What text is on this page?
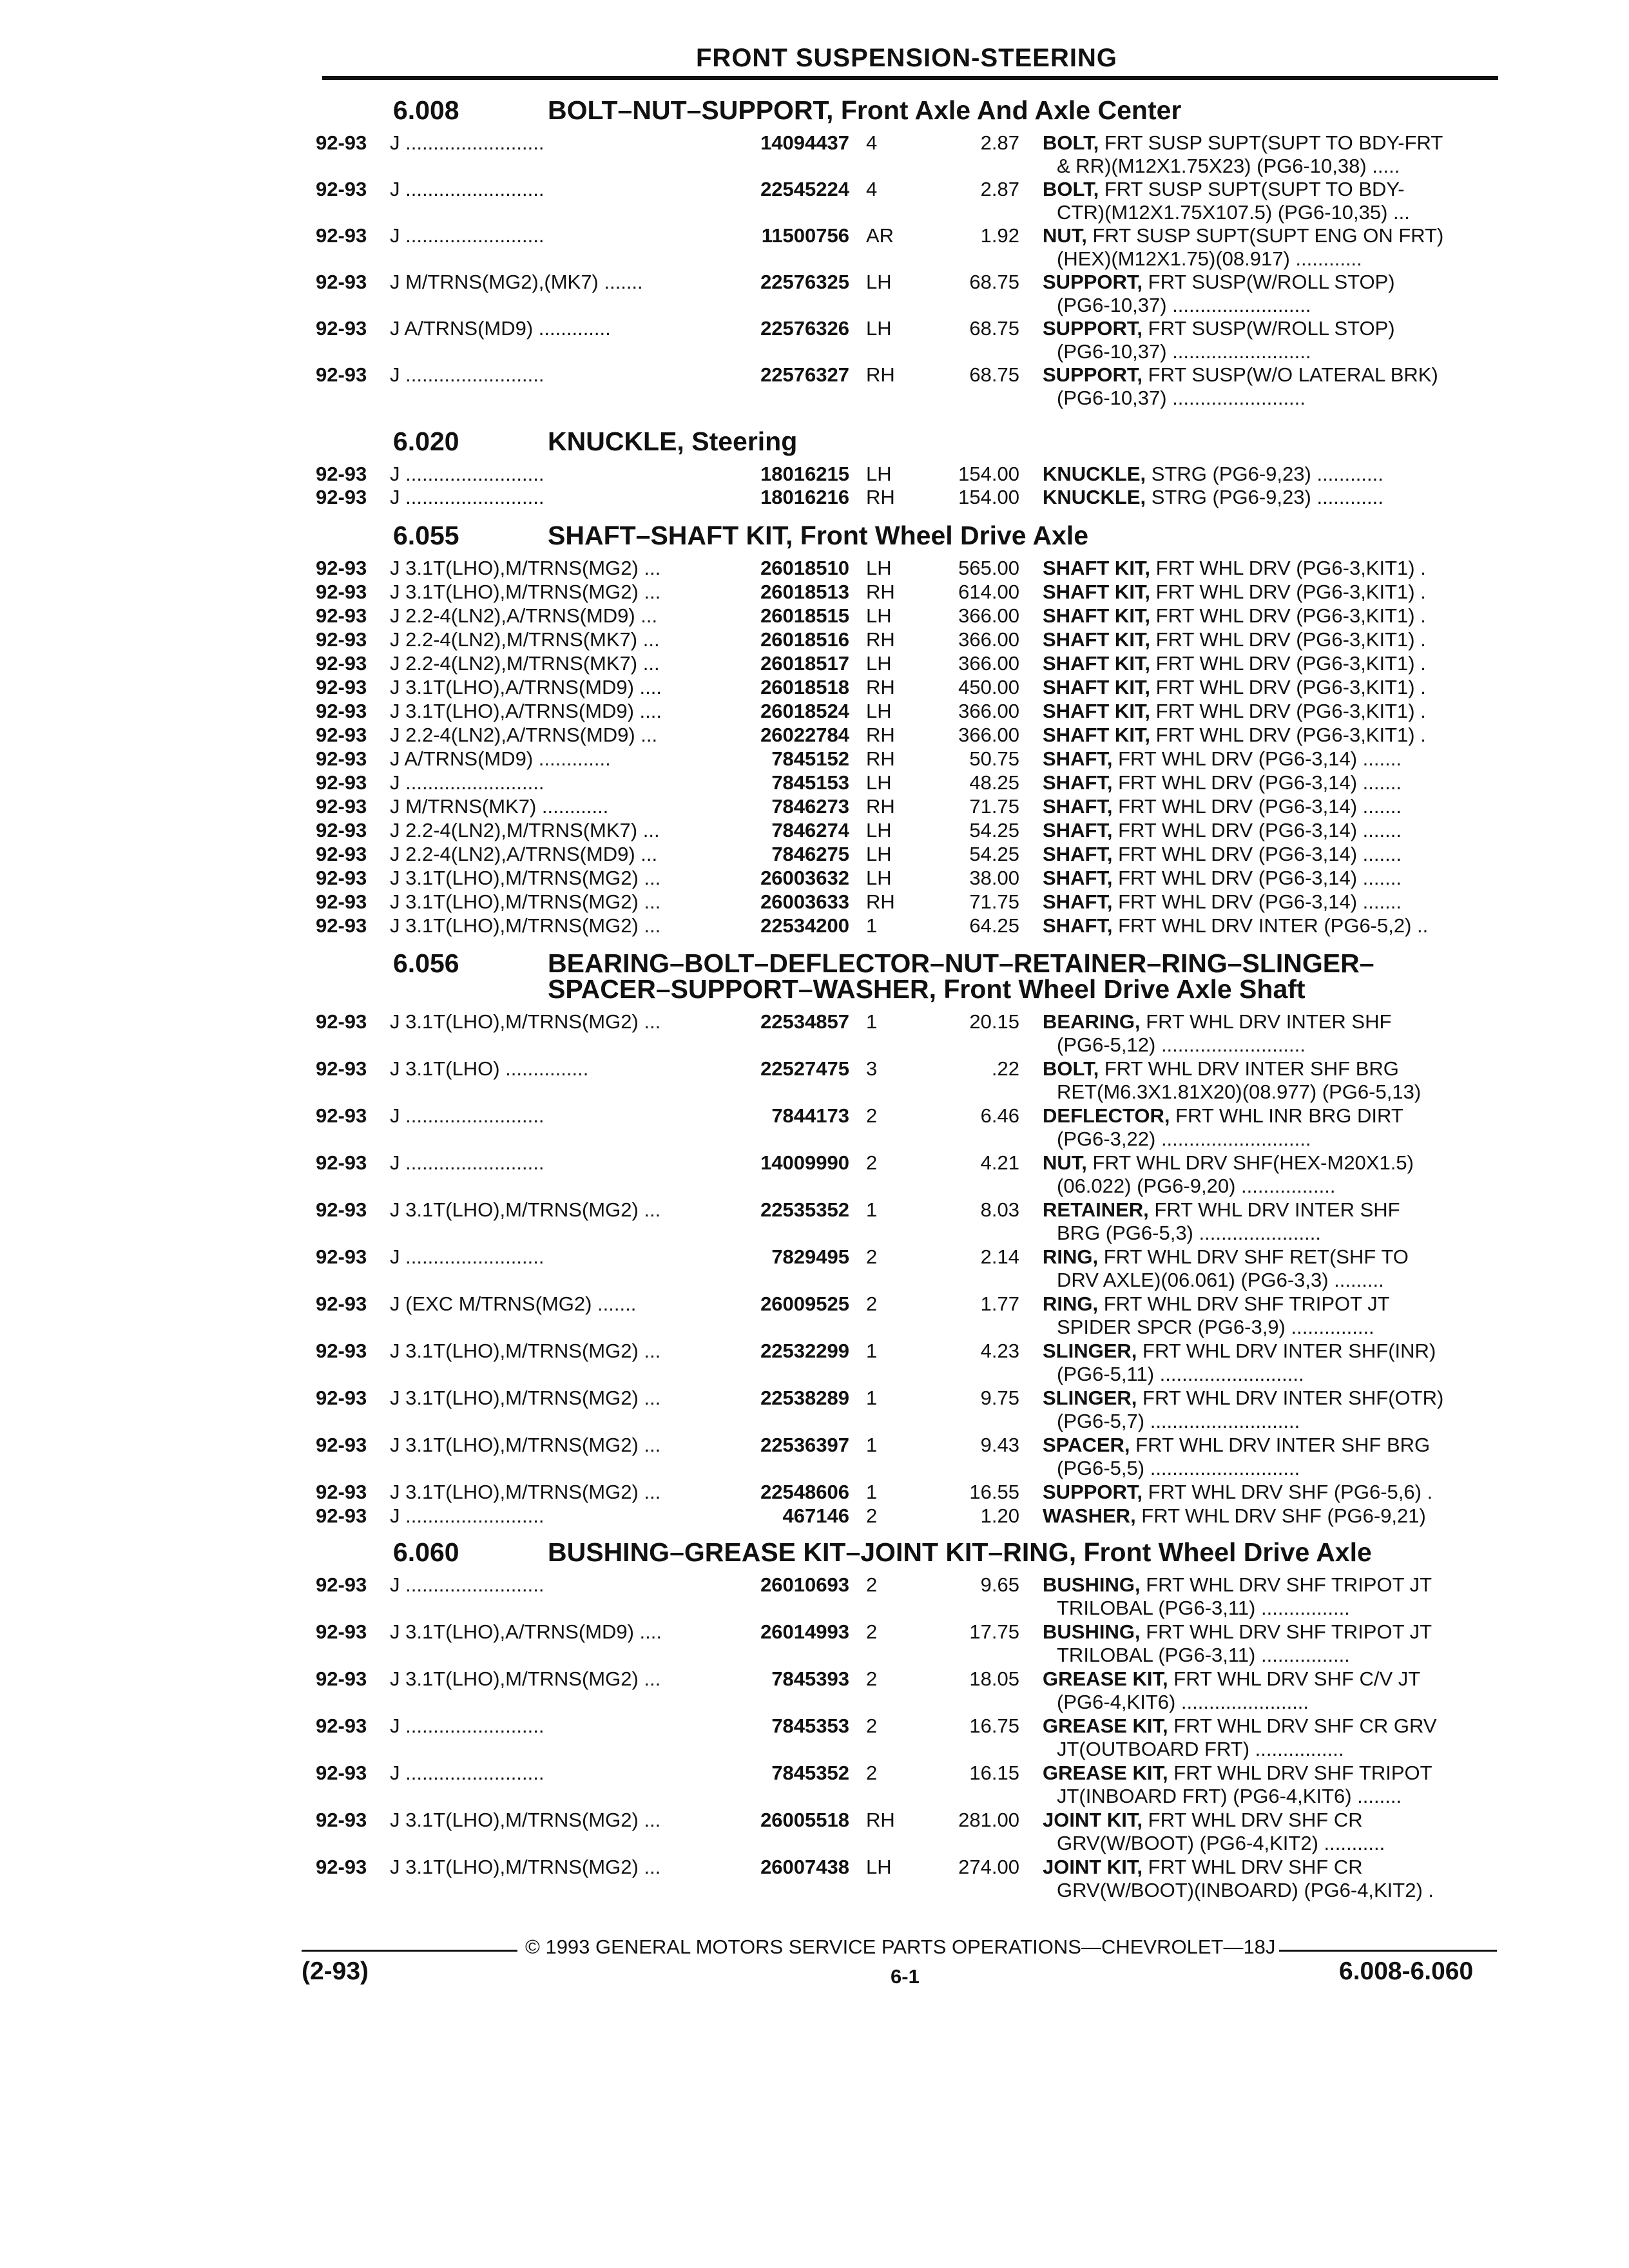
FRONT SUSPENSION-STEERING
6.008	BOLT–NUT–SUPPORT, Front Axle And Axle Center
92-93 J .........................	14094437 4	2.87 BOLT, FRT SUSP SUPT(SUPT TO BDY-FRT
& RR)(M12X1.75X23) (PG6-10,38) .....
92-93 J .........................	22545224 4	2.87 BOLT, FRT SUSP SUPT(SUPT TO BDY-
CTR)(M12X1.75X107.5) (PG6-10,35) ...
92-93 J .........................	11500756 AR	1.92 NUT, FRT SUSP SUPT(SUPT ENG ON FRT)
(HEX)(M12X1.75)(08.917) ............
92-93 J M/TRNS(MG2),(MK7) .......	22576325 LH	68.75 SUPPORT, FRT SUSP(W/ROLL STOP)
(PG6-10,37) .........................
92-93 J A/TRNS(MD9) .............	22576326 LH	68.75 SUPPORT, FRT SUSP(W/ROLL STOP)
(PG6-10,37) .........................
92-93 J .........................	22576327 RH	68.75 SUPPORT, FRT SUSP(W/O LATERAL BRK)
(PG6-10,37) ........................
6.020	KNUCKLE, Steering
92-93 J .........................	18016215 LH	154.00 KNUCKLE, STRG (PG6-9,23) ............
92-93 J .........................	18016216 RH	154.00 KNUCKLE, STRG (PG6-9,23) ............
6.055	SHAFT–SHAFT KIT, Front Wheel Drive Axle
92-93 J 3.1T(LHO),M/TRNS(MG2) ...	26018510 LH	565.00 SHAFT KIT, FRT WHL DRV (PG6-3,KIT1) .
92-93 J 3.1T(LHO),M/TRNS(MG2) ...	26018513 RH	614.00 SHAFT KIT, FRT WHL DRV (PG6-3,KIT1) .
92-93 J 2.2-4(LN2),A/TRNS(MD9) ...	26018515 LH	366.00 SHAFT KIT, FRT WHL DRV (PG6-3,KIT1) .
92-93 J 2.2-4(LN2),M/TRNS(MK7) ...	26018516 RH	366.00 SHAFT KIT, FRT WHL DRV (PG6-3,KIT1) .
92-93 J 2.2-4(LN2),M/TRNS(MK7) ...	26018517 LH	366.00 SHAFT KIT, FRT WHL DRV (PG6-3,KIT1) .
92-93 J 3.1T(LHO),A/TRNS(MD9) ....	26018518 RH	450.00 SHAFT KIT, FRT WHL DRV (PG6-3,KIT1) .
92-93 J 3.1T(LHO),A/TRNS(MD9) ....	26018524 LH	366.00 SHAFT KIT, FRT WHL DRV (PG6-3,KIT1) .
92-93 J 2.2-4(LN2),A/TRNS(MD9) ...	26022784 RH	366.00 SHAFT KIT, FRT WHL DRV (PG6-3,KIT1) .
92-93 J A/TRNS(MD9) .............	7845152 RH	50.75 SHAFT, FRT WHL DRV (PG6-3,14) .......
92-93 J .........................	7845153 LH	48.25 SHAFT, FRT WHL DRV (PG6-3,14) .......
92-93 J M/TRNS(MK7) ............	7846273 RH	71.75 SHAFT, FRT WHL DRV (PG6-3,14) .......
92-93 J 2.2-4(LN2),M/TRNS(MK7) ...	7846274 LH	54.25 SHAFT, FRT WHL DRV (PG6-3,14) .......
92-93 J 2.2-4(LN2),A/TRNS(MD9) ...	7846275 LH	54.25 SHAFT, FRT WHL DRV (PG6-3,14) .......
92-93 J 3.1T(LHO),M/TRNS(MG2) ...	26003632 LH	38.00 SHAFT, FRT WHL DRV (PG6-3,14) .......
92-93 J 3.1T(LHO),M/TRNS(MG2) ...	26003633 RH	71.75 SHAFT, FRT WHL DRV (PG6-3,14) .......
92-93 J 3.1T(LHO),M/TRNS(MG2) ...	22534200 1	64.25 SHAFT, FRT WHL DRV INTER (PG6-5,2) ..
6.056	BEARING–BOLT–DEFLECTOR–NUT–RETAINER–RING–SLINGER–
SPACER–SUPPORT–WASHER, Front Wheel Drive Axle Shaft
92-93 J 3.1T(LHO),M/TRNS(MG2) ...	22534857 1	20.15 BEARING, FRT WHL DRV INTER SHF
(PG6-5,12) ..........................
92-93 J 3.1T(LHO) ...............	22527475 3	.22 BOLT, FRT WHL DRV INTER SHF BRG
RET(M6.3X1.81X20)(08.977) (PG6-5,13)
92-93 J .........................	7844173 2	6.46 DEFLECTOR, FRT WHL INR BRG DIRT
(PG6-3,22) ...........................
92-93 J .........................	14009990 2	4.21 NUT, FRT WHL DRV SHF(HEX-M20X1.5)
(06.022) (PG6-9,20) .................
92-93 J 3.1T(LHO),M/TRNS(MG2) ...	22535352 1	8.03 RETAINER, FRT WHL DRV INTER SHF
BRG (PG6-5,3) ......................
92-93 J .........................	7829495 2	2.14 RING, FRT WHL DRV SHF RET(SHF TO
DRV AXLE)(06.061) (PG6-3,3) .........
92-93 J (EXC M/TRNS(MG2) .......	26009525 2	1.77 RING, FRT WHL DRV SHF TRIPOT JT
SPIDER SPCR (PG6-3,9) ...............
92-93 J 3.1T(LHO),M/TRNS(MG2) ...	22532299 1	4.23 SLINGER, FRT WHL DRV INTER SHF(INR)
(PG6-5,11) ..........................
92-93 J 3.1T(LHO),M/TRNS(MG2) ...	22538289 1	9.75 SLINGER, FRT WHL DRV INTER SHF(OTR)
(PG6-5,7) ...........................
92-93 J 3.1T(LHO),M/TRNS(MG2) ...	22536397 1	9.43 SPACER, FRT WHL DRV INTER SHF BRG
(PG6-5,5) ...........................
92-93 J 3.1T(LHO),M/TRNS(MG2) ...	22548606 1	16.55 SUPPORT, FRT WHL DRV SHF (PG6-5,6) .
92-93 J .........................	467146 2	1.20 WASHER, FRT WHL DRV SHF (PG6-9,21)
6.060	BUSHING–GREASE KIT–JOINT KIT–RING, Front Wheel Drive Axle
92-93 J .........................	26010693 2	9.65 BUSHING, FRT WHL DRV SHF TRIPOT JT
TRILOBAL (PG6-3,11) ................
92-93 J 3.1T(LHO),A/TRNS(MD9) ....	26014993 2	17.75 BUSHING, FRT WHL DRV SHF TRIPOT JT
TRILOBAL (PG6-3,11) ................
92-93 J 3.1T(LHO),M/TRNS(MG2) ...	7845393 2	18.05 GREASE KIT, FRT WHL DRV SHF C/V JT
(PG6-4,KIT6) .......................
92-93 J .........................	7845353 2	16.75 GREASE KIT, FRT WHL DRV SHF CR GRV
JT(OUTBOARD FRT) ................
92-93 J .........................	7845352 2	16.15 GREASE KIT, FRT WHL DRV SHF TRIPOT
JT(INBOARD FRT) (PG6-4,KIT6) ........
92-93 J 3.1T(LHO),M/TRNS(MG2) ...	26005518 RH	281.00 JOINT KIT, FRT WHL DRV SHF CR
GRV(W/BOOT) (PG6-4,KIT2) ...........
92-93 J 3.1T(LHO),M/TRNS(MG2) ...	26007438 LH	274.00 JOINT KIT, FRT WHL DRV SHF CR
GRV(W/BOOT)(INBOARD) (PG6-4,KIT2) .
© 1993 GENERAL MOTORS SERVICE PARTS OPERATIONS—CHEVROLET—18J
(2-93)	6-1	6.008-6.060
